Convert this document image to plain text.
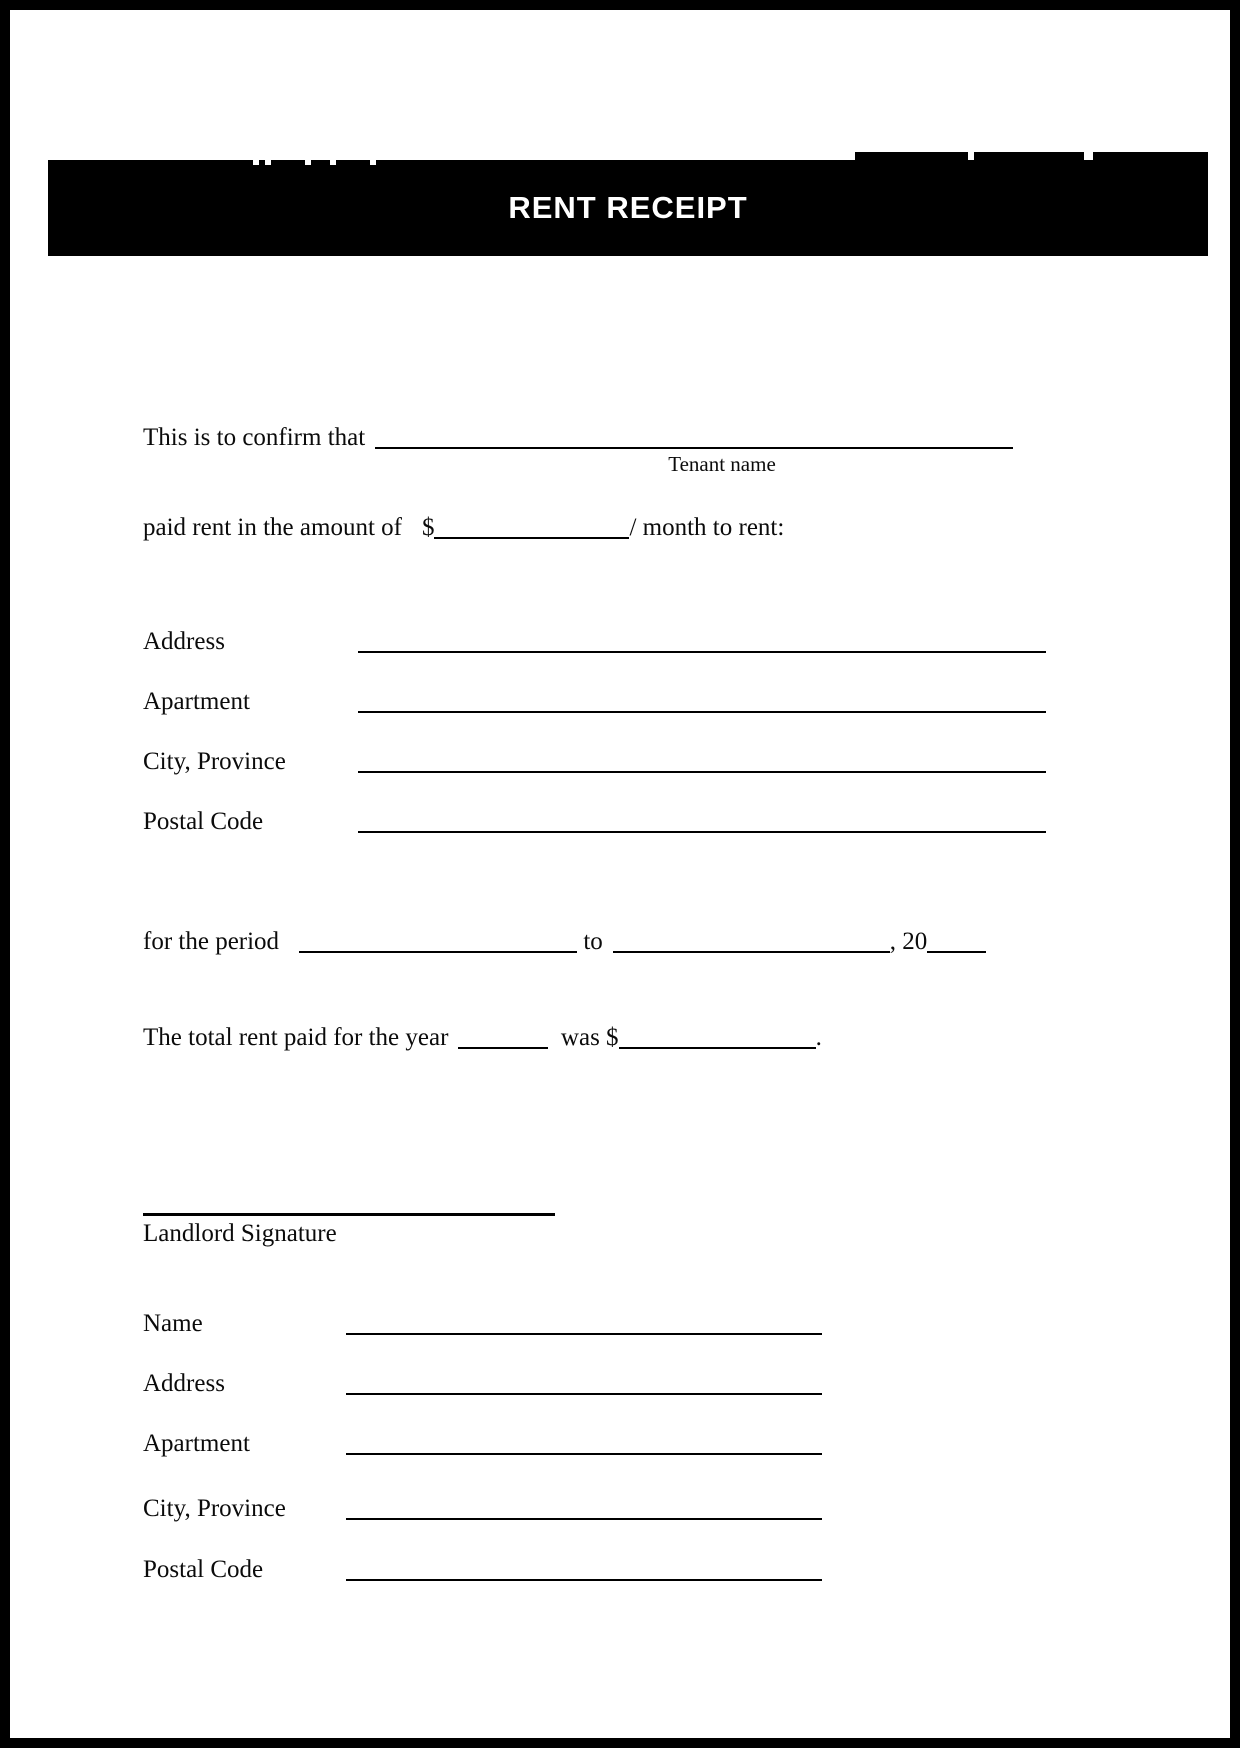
RENT RECEIPT
This is to confirm that
Tenant name
paid rent in the amount of $	/ month to rent:
Address
Apartment
City, Province
Postal Code
for the period
	to	, 20
The total rent paid for the year
	was $	.
Landlord Signature
Name
Address
Apartment
City, Province
Postal Code
